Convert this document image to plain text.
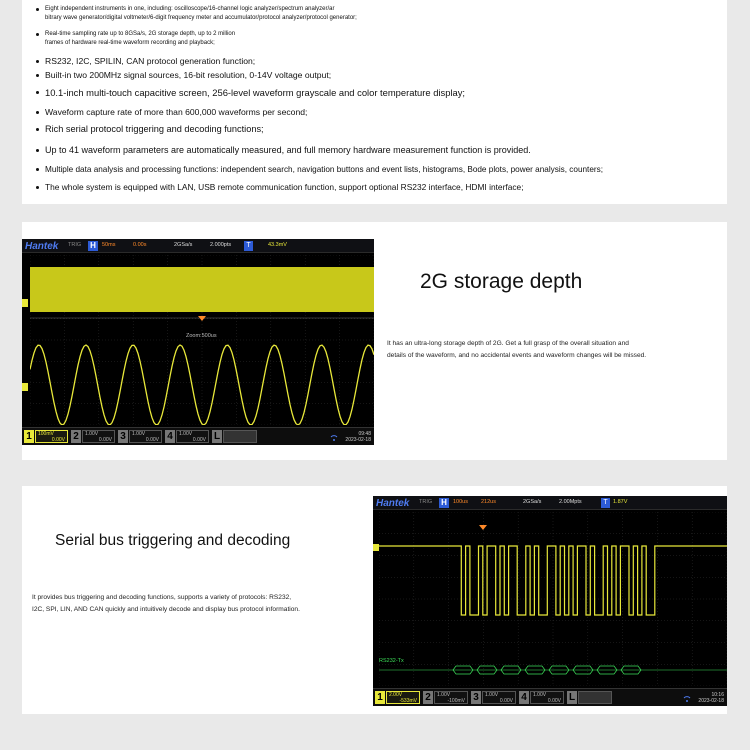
Eight independent instruments in one, including: oscilloscope/16-channel logic analyzer/spectrum analyzer/ar
bitrary wave generator/digital voltmeter/6-digit frequency meter and accumulator/protocol analyzer/protocol generator;
Real-time sampling rate up to 8GSa/s, 2G storage depth, up to 2 million
frames of hardware real-time waveform recording and playback;
RS232, I2C, SPILIN, CAN protocol generation function;
Built-in two 200MHz signal sources, 16-bit resolution, 0-14V voltage output;
10.1-inch multi-touch capacitive screen, 256-level waveform grayscale and color temperature display;
Waveform capture rate of more than 600,000 waveforms per second;
Rich serial protocol triggering and decoding functions;
Up to 41 waveform parameters are automatically measured, and full memory hardware measurement function is provided.
Multiple data analysis and processing functions: independent search, navigation buttons and event lists, histograms, Bode plots, power analysis, counters;
The whole system is equipped with LAN, USB remote communication function, support optional RS232 interface, HDMI interface;
Hantek TRIG H	50ms	0.00s	2GSa/s	2.000pts	T	43.3mV
Zoom:500us
1	100mV
0.00V 2	1.00V
0.00V 3	1.00V
0.00V 4	1.00V
0.00V L	09:48
2023-02-18
2G storage depth
It has an ultra-long storage depth of 2G. Get a full grasp of the overall situation and
details of the waveform, and no accidental events and waveform changes will be missed.
Serial bus triggering and decoding
It provides bus triggering and decoding functions, supports a variety of protocols: RS232,
I2C, SPI, LIN, AND CAN quickly and intuitively decode and display bus protocol information.
Hantek TRIG H	100us 212us	2GSa/s	2.00Mpts	T 1.87V
RS232-Tx
1	2.00V
-533mV 2	1.00V
-100mV 3	1.00V
0.00V 4	1.00V
0.00V L	10:16
2023-02-18
